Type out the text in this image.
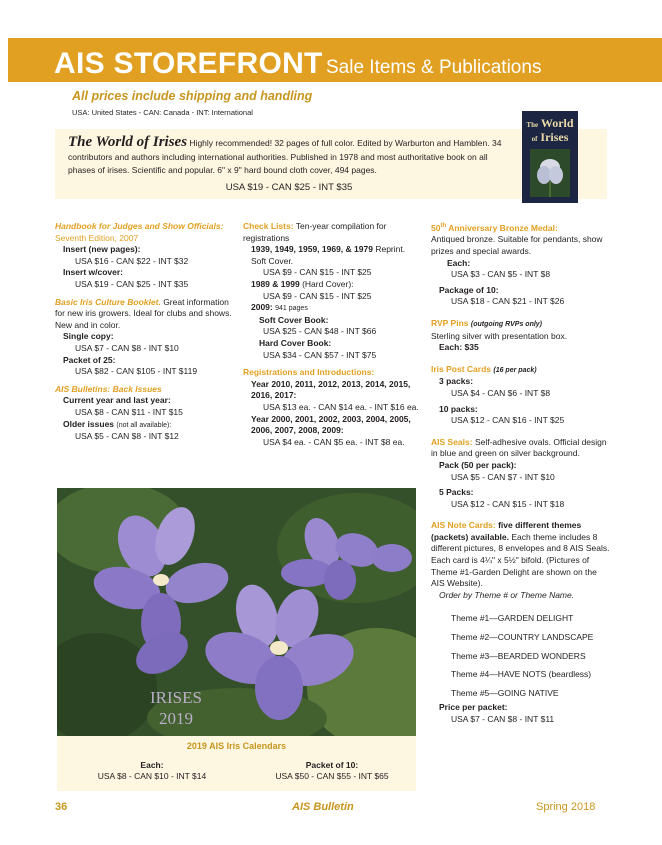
AIS STOREFRONT Sale Items & Publications
All prices include shipping and handling
USA: United States - CAN: Canada - INT: International
The World of Irises Highly recommended! 32 pages of full color. Edited by Warburton and Hamblen. 34 contributors and authors including international authorities. Published in 1978 and most authoritative book on all phases of irises. Scientific and popular. 6" x 9" hard bound cloth cover, 494 pages.
USA $19 - CAN $25 - INT $35
The World
of Irises
Handbook for Judges and Show Officials: Seventh Edition, 2007
Insert (new pages):
USA $16 - CAN $22 - INT $32
Insert w/cover:
USA $19 - CAN $25 - INT $35
Basic Iris Culture Booklet. Great information for new iris growers. Ideal for clubs and shows. New and in color.
Single copy:
USA $7 - CAN $8 - INT $10
Packet of 25:
USA $82 - CAN $105 - INT $119
AIS Bulletins: Back Issues
Current year and last year:
USA $8 - CAN $11 - INT $15
Older issues (not all available):
USA $5 - CAN $8 - INT $12
Check Lists: Ten-year compilation for registrations
1939, 1949, 1959, 1969, & 1979 Reprint. Soft Cover.
USA $9 - CAN $15 - INT $25
1989 & 1999 (Hard Cover):
USA $9 - CAN $15 - INT $25
2009: 941 pages
Soft Cover Book:
USA $25 - CAN $48 - INT $66
Hard Cover Book:
USA $34 - CAN $57 - INT $75
Registrations and Introductions:
Year 2010, 2011, 2012, 2013, 2014, 2015, 2016, 2017:
USA $13 ea. - CAN $14 ea. - INT $16 ea.
Year 2000, 2001, 2002, 2003, 2004, 2005, 2006, 2007, 2008, 2009:
USA $4 ea. - CAN $5 ea. - INT $8 ea.
50th Anniversary Bronze Medal:
Antiqued bronze. Suitable for pendants, show prizes and special awards.
Each:
USA $3 - CAN $5 - INT $8
Package of 10:
USA $18 - CAN $21 - INT $26
RVP Pins (outgoing RVPs only)
Sterling silver with presentation box.
Each: $35
Iris Post Cards (16 per pack)
3 packs:
USA $4 - CAN $6 - INT $8
10 packs:
USA $12 - CAN $16 - INT $25
AIS Seals: Self-adhesive ovals. Official design in blue and green on silver background.
Pack (50 per pack):
USA $5 - CAN $7 - INT $10
5 Packs:
USA $12 - CAN $15 - INT $18
AIS Note Cards: five different themes (packets) available. Each theme includes 8 different pictures, 8 envelopes and 8 AIS Seals. Each card is 4¼" x 5½" bifold. (Pictures of Theme #1-Garden Delight are shown on the AIS Website).
Order by Theme # or Theme Name.
Theme #1—GARDEN DELIGHT
Theme #2—COUNTRY LANDSCAPE
Theme #3—BEARDED WONDERS
Theme #4—HAVE NOTS (beardless)
Theme #5—GOING NATIVE
Price per packet:
USA $7 - CAN $8 - INT $11
IRISES
2019
2019 AIS Iris Calendars
Each:
USA $8 - CAN $10 - INT $14
Packet of 10:
USA $50 - CAN $55 - INT $65
36	AIS Bulletin	Spring 2018
